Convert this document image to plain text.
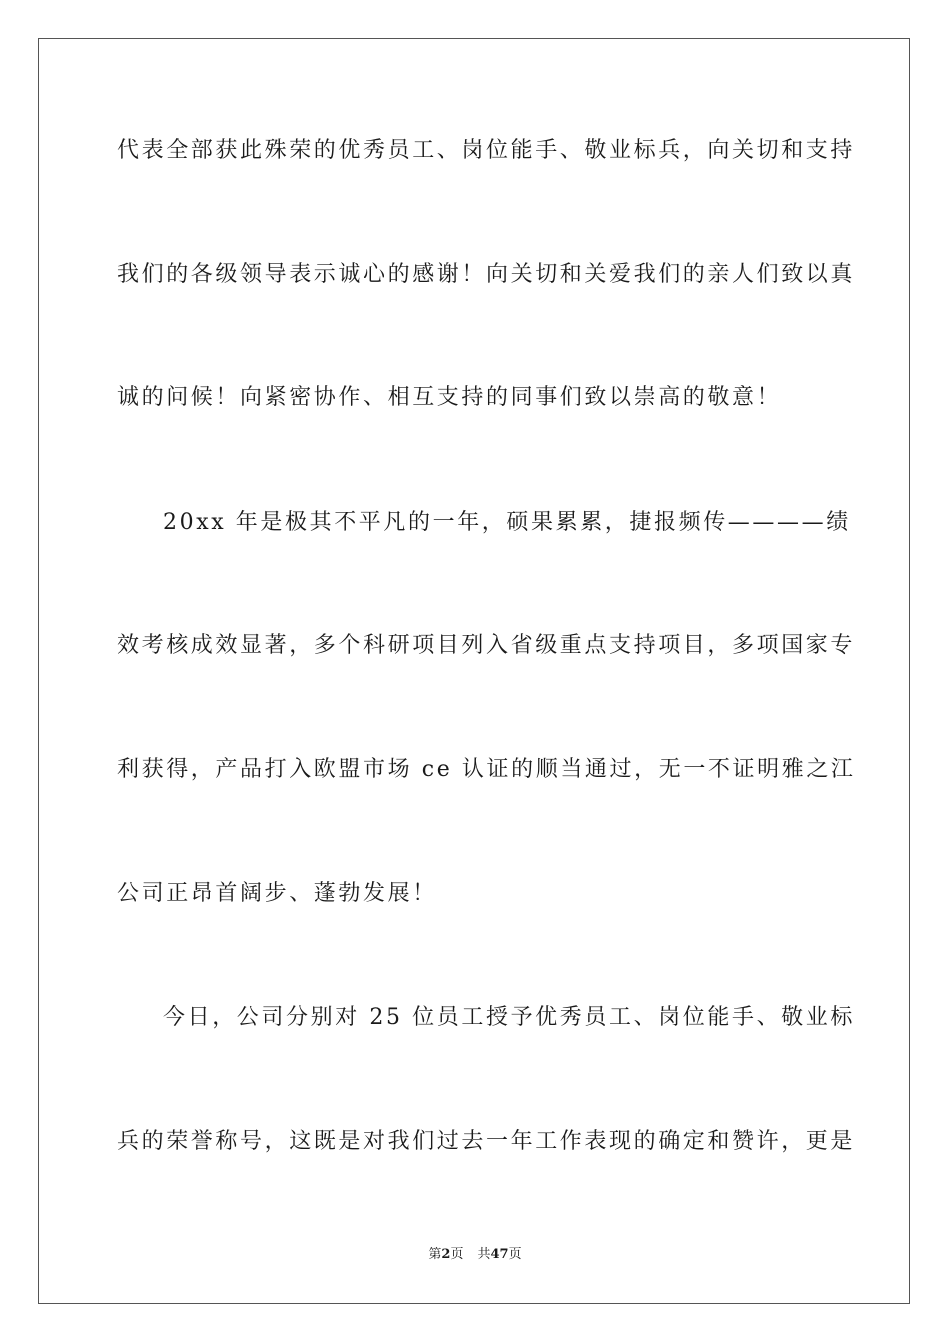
代表全部获此殊荣的优秀员工、岗位能手、敬业标兵，向关切和支持
我们的各级领导表示诚心的感谢！向关切和关爱我们的亲人们致以真
诚的问候！向紧密协作、相互支持的同事们致以崇高的敬意！
20xx 年是极其不平凡的一年，硕果累累，捷报频传————绩
效考核成效显著，多个科研项目列入省级重点支持项目，多项国家专
利获得，产品打入欧盟市场 ce 认证的顺当通过，无一不证明雅之江
公司正昂首阔步、蓬勃发展！
今日，公司分别对 25 位员工授予优秀员工、岗位能手、敬业标
兵的荣誉称号，这既是对我们过去一年工作表现的确定和赞许，更是
第2页 共47页
